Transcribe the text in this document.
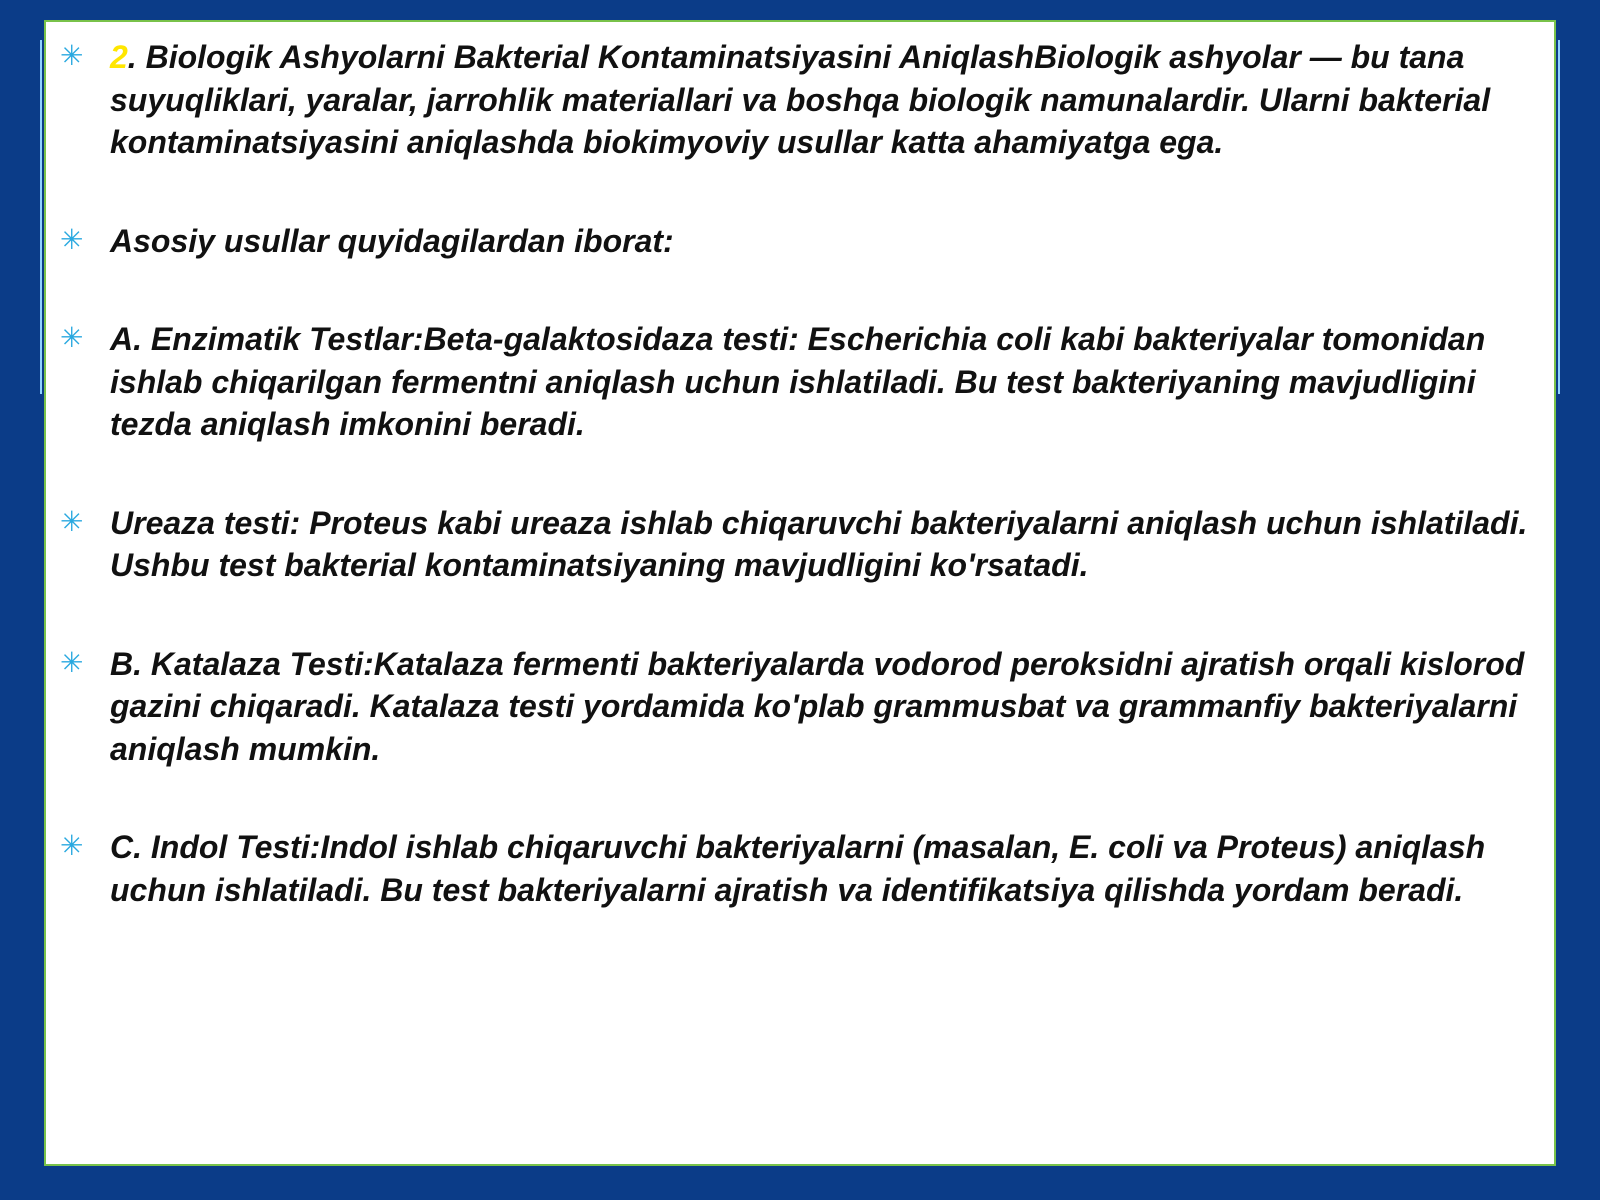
✳ 2. Biologik Ashyolarni Bakterial Kontaminatsiyasini AniqlashBiologik ashyolar — bu tana suyuqliklari, yaralar, jarrohlik materiallari va boshqa biologik namunalardir. Ularni bakterial kontaminatsiyasini aniqlashda biokimyoviy usullar katta ahamiyatga ega.
✳ Asosiy usullar quyidagilardan iborat:
✳ A. Enzimatik Testlar:Beta-galaktosidaza testi: Escherichia coli kabi bakteriyalar tomonidan ishlab chiqarilgan fermentni aniqlash uchun ishlatiladi. Bu test bakteriyaning mavjudligini tezda aniqlash imkonini beradi.
✳ Ureaza testi: Proteus kabi ureaza ishlab chiqaruvchi bakteriyalarni aniqlash uchun ishlatiladi. Ushbu test bakterial kontaminatsiyaning mavjudligini ko'rsatadi.
✳ B. Katalaza Testi:Katalaza fermenti bakteriyalarda vodorod peroksidni ajratish orqali kislorod gazini chiqaradi. Katalaza testi yordamida ko'plab grammusbat va grammanfiy bakteriyalarni aniqlash mumkin.
✳ C. Indol Testi:Indol ishlab chiqaruvchi bakteriyalarni (masalan, E. coli va Proteus) aniqlash uchun ishlatiladi. Bu test bakteriyalarni ajratish va identifikatsiya qilishda yordam beradi.
